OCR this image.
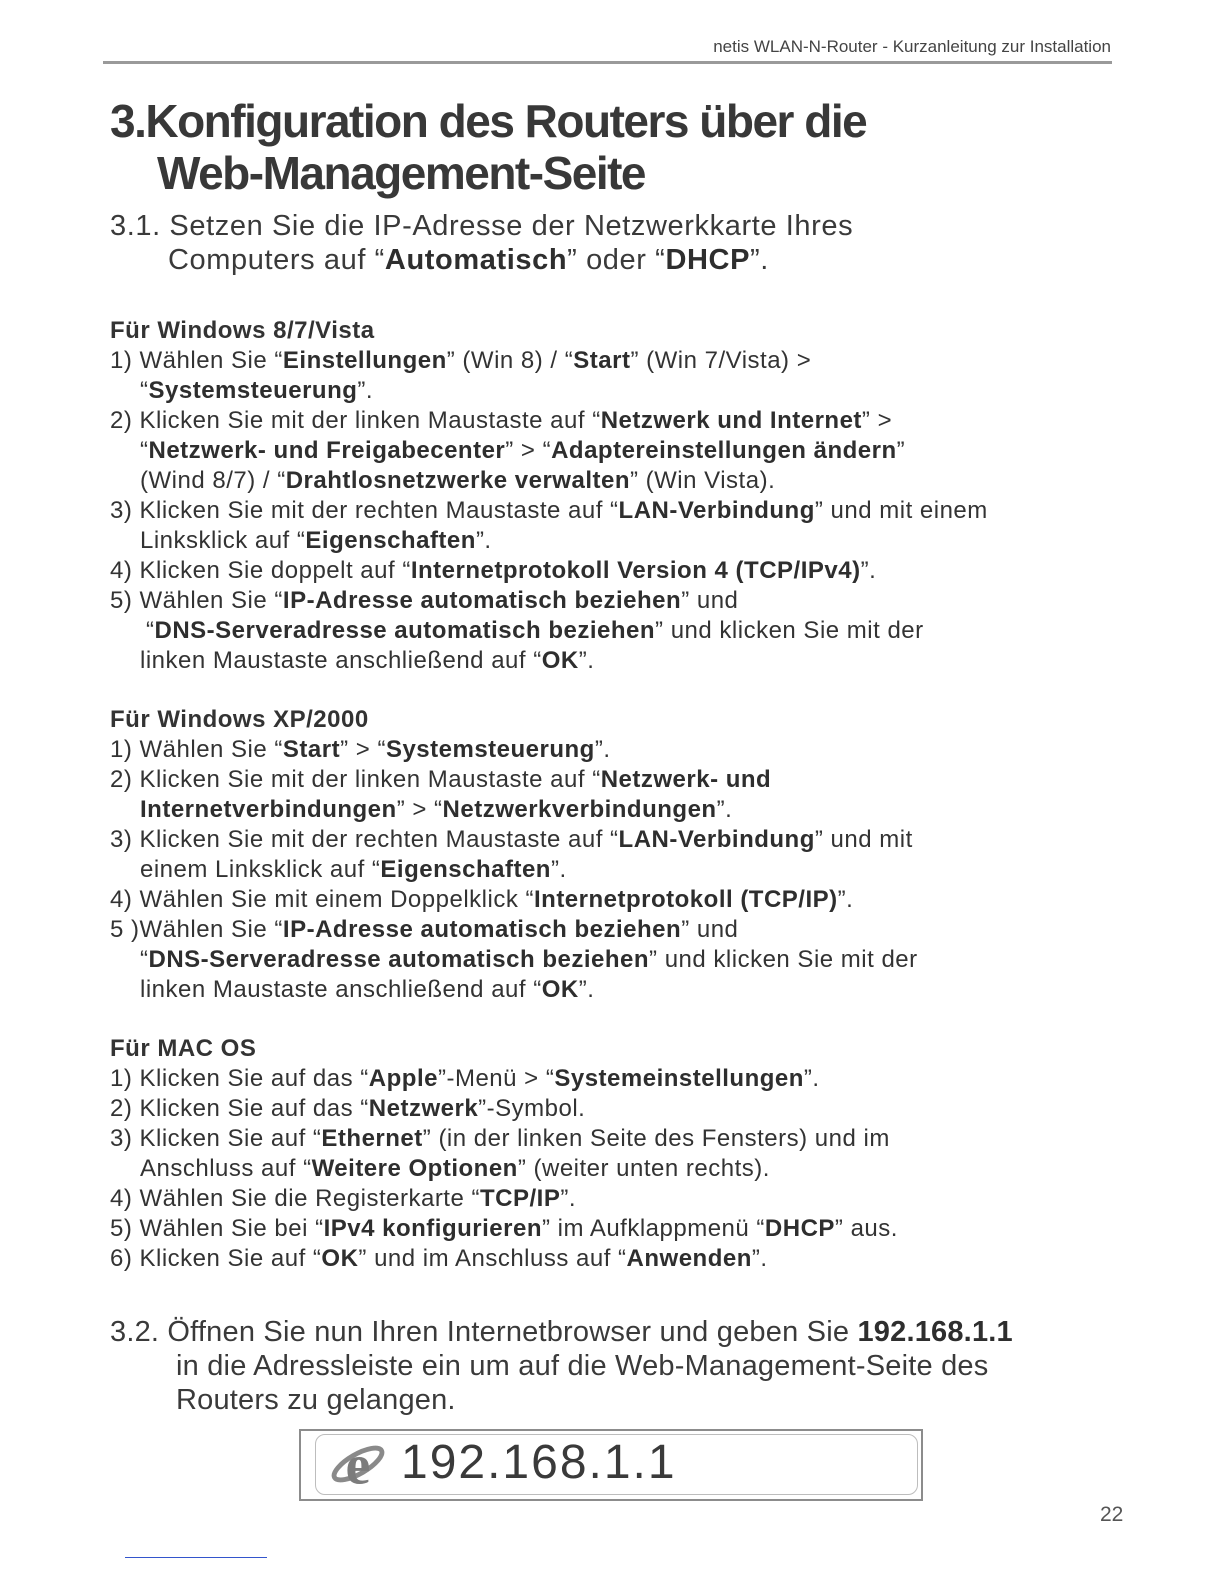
netis WLAN-N-Router - Kurzanleitung zur Installation
3.Konfiguration des Routers über die
Web-Management-Seite
3.1. Setzen Sie die IP-Adresse der Netzwerkkarte Ihres
Computers auf “Automatisch” oder “DHCP”.
Für Windows 8/7/Vista
1) Wählen Sie “Einstellungen” (Win 8) / “Start” (Win 7/Vista) >
“Systemsteuerung”.
2) Klicken Sie mit der linken Maustaste auf “Netzwerk und Internet” >
“Netzwerk- und Freigabecenter” > “Adaptereinstellungen ändern”
(Wind 8/7) / “Drahtlosnetzwerke verwalten” (Win Vista).
3) Klicken Sie mit der rechten Maustaste auf “LAN-Verbindung” und mit einem
Linksklick auf “Eigenschaften”.
4) Klicken Sie doppelt auf “Internetprotokoll Version 4 (TCP/IPv4)”.
5) Wählen Sie “IP-Adresse automatisch beziehen” und
“DNS-Serveradresse automatisch beziehen” und klicken Sie mit der
linken Maustaste anschließend auf “OK”.
Für Windows XP/2000
1) Wählen Sie “Start” > “Systemsteuerung”.
2) Klicken Sie mit der linken Maustaste auf “Netzwerk- und
Internetverbindungen” > “Netzwerkverbindungen”.
3) Klicken Sie mit der rechten Maustaste auf “LAN-Verbindung” und mit
einem Linksklick auf “Eigenschaften”.
4) Wählen Sie mit einem Doppelklick “Internetprotokoll (TCP/IP)”.
5 )Wählen Sie “IP-Adresse automatisch beziehen” und
“DNS-Serveradresse automatisch beziehen” und klicken Sie mit der
linken Maustaste anschließend auf “OK”.
Für MAC OS
1) Klicken Sie auf das “Apple”-Menü > “Systemeinstellungen”.
2) Klicken Sie auf das “Netzwerk”-Symbol.
3) Klicken Sie auf “Ethernet” (in der linken Seite des Fensters) und im
Anschluss auf “Weitere Optionen” (weiter unten rechts).
4) Wählen Sie die Registerkarte “TCP/IP”.
5) Wählen Sie bei “IPv4 konfigurieren” im Aufklappmenü “DHCP” aus.
6) Klicken Sie auf “OK” und im Anschluss auf “Anwenden”.
3.2. Öffnen Sie nun Ihren Internetbrowser und geben Sie 192.168.1.1
in die Adressleiste ein um auf die Web-Management-Seite des
Routers zu gelangen.
e 192.168.1.1
22
